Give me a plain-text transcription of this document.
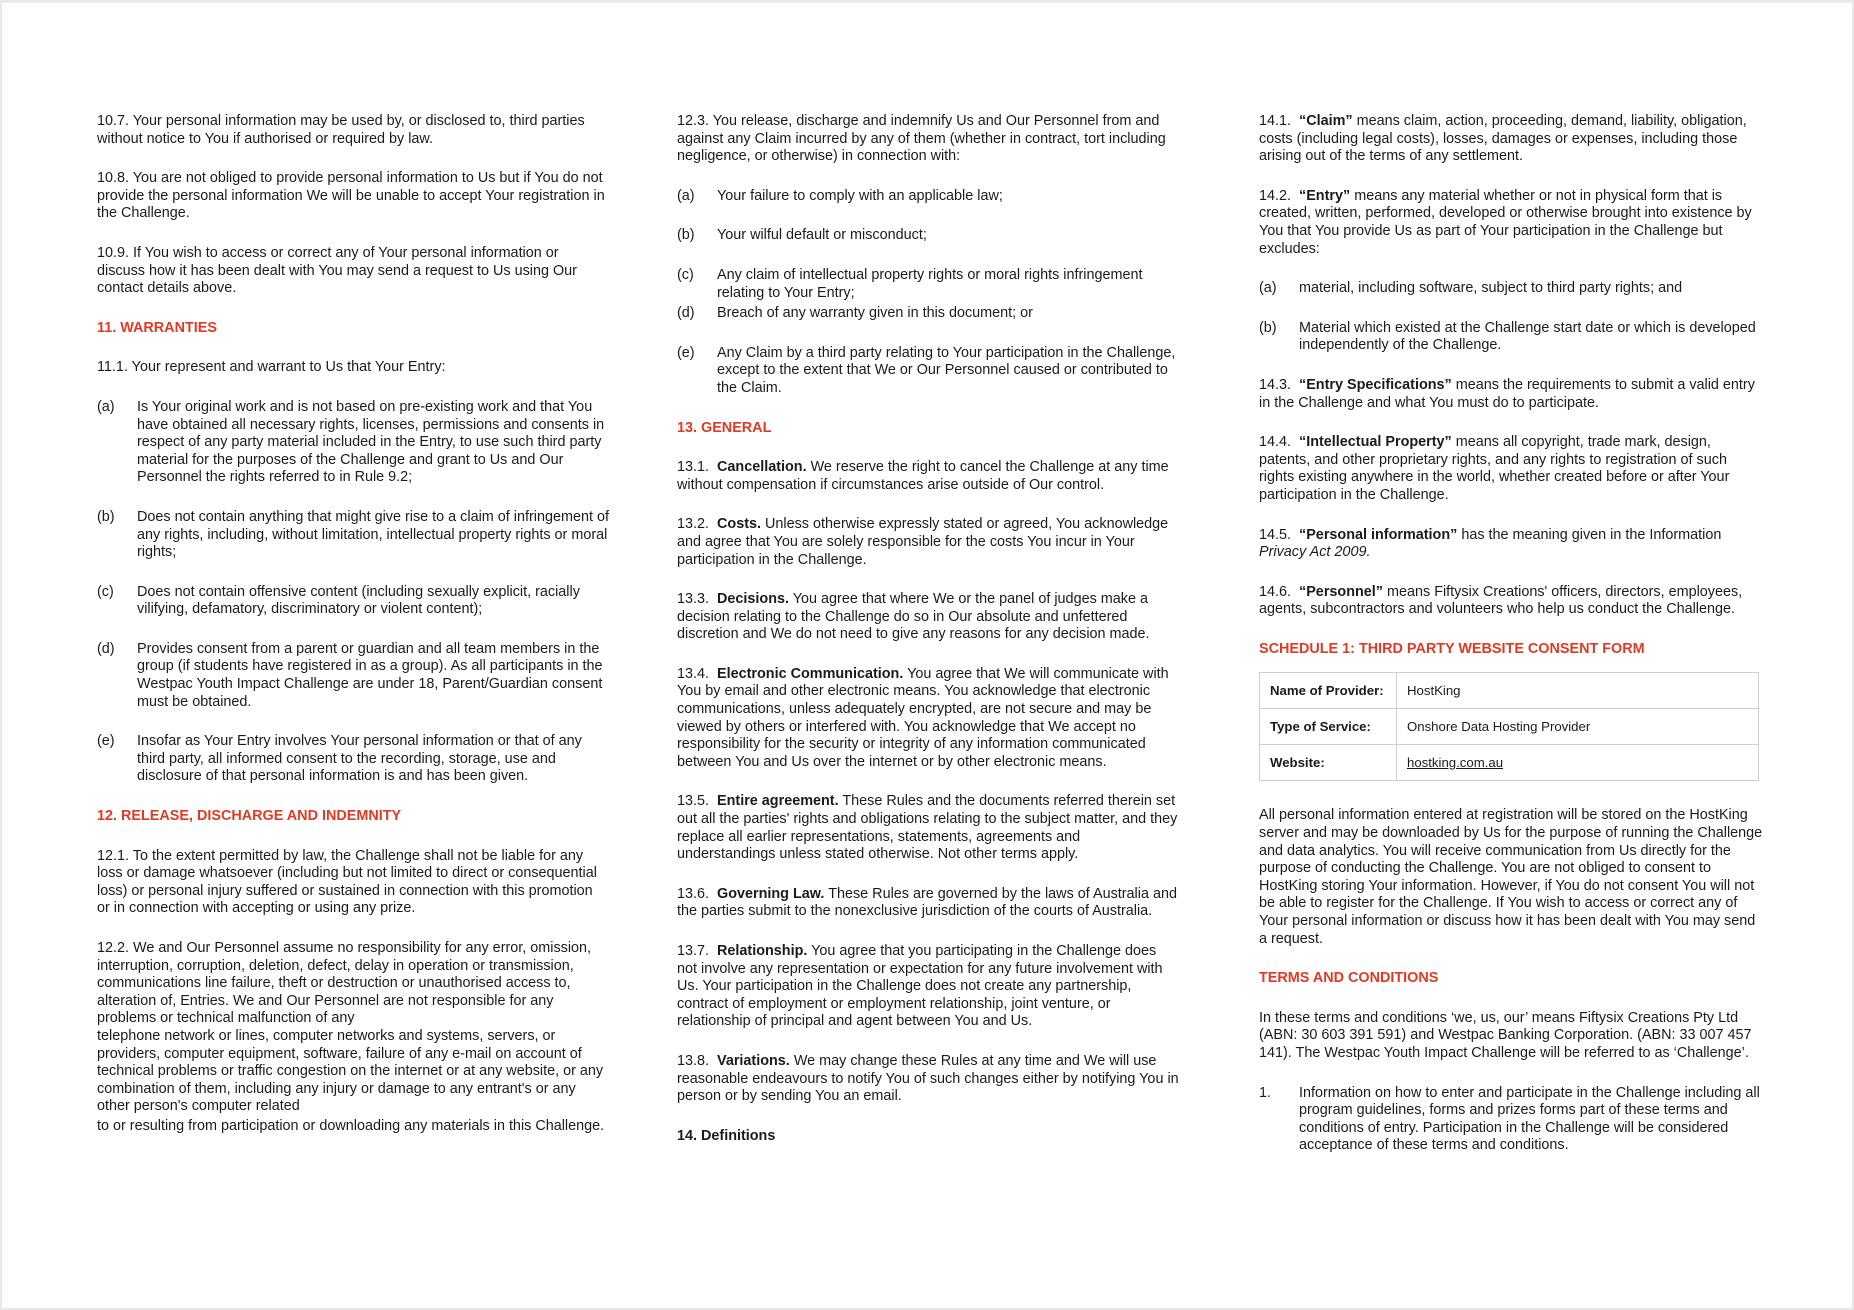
10.7. Your personal information may be used by, or disclosed to, third parties without notice to You if authorised or required by law.

10.8. You are not obliged to provide personal information to Us but if You do not provide the personal information We will be unable to accept Your registration in the Challenge.

10.9. If You wish to access or correct any of Your personal information or discuss how it has been dealt with You may send a request to Us using Our contact details above.

11. WARRANTIES

11.1. Your represent and warrant to Us that Your Entry:

(a)	Is Your original work and is not based on pre-existing work and that You have obtained all necessary rights, licenses, permissions and consents in respect of any party material included in the Entry, to use such third party material for the purposes of the Challenge and grant to Us and Our Personnel the rights referred to in Rule 9.2;
(b)	Does not contain anything that might give rise to a claim of infringement of any rights, including, without limitation, intellectual property rights or moral rights;
(c)	Does not contain offensive content (including sexually explicit, racially vilifying, defamatory, discriminatory or violent content);
(d)	Provides consent from a parent or guardian and all team members in the group (if students have registered in as a group). As all participants in the Westpac Youth Impact Challenge are under 18, Parent/Guardian consent must be obtained.
(e)	Insofar as Your Entry involves Your personal information or that of any third party, all informed consent to the recording, storage, use and disclosure of that personal information is and has been given.
12. RELEASE, DISCHARGE AND INDEMNITY

12.1. To the extent permitted by law, the Challenge shall not be liable for any loss or damage whatsoever (including but not limited to direct or consequential loss) or personal injury suffered or sustained in connection with this promotion or in connection with accepting or using any prize.

12.2. We and Our Personnel assume no responsibility for any error, omission, interruption, corruption, deletion, defect, delay in operation or transmission, communications line failure, theft or destruction or unauthorised access to, alteration of, Entries. We and Our Personnel are not responsible for any problems or technical malfunction of any

telephone network or lines, computer networks and systems, servers, or providers, computer equipment, software, failure of any e-mail on account of technical problems or traffic congestion on the internet or at any website, or any combination of them, including any injury or damage to any entrant's or any other person's computer related

to or resulting from participation or downloading any materials in this Challenge.

12.3. You release, discharge and indemnify Us and Our Personnel from and against any Claim incurred by any of them (whether in contract, tort including negligence, or otherwise) in connection with:

(a)	Your failure to comply with an applicable law;
(b)	Your wilful default or misconduct;
(c)	Any claim of intellectual property rights or moral rights infringement relating to Your Entry;
(d)	Breach of any warranty given in this document; or
(e)	Any Claim by a third party relating to Your participation in the Challenge, except to the extent that We or Our Personnel caused or contributed to the Claim.
13. GENERAL

13.1. Cancellation. We reserve the right to cancel the Challenge at any time without compensation if circumstances arise outside of Our control.

13.2. Costs. Unless otherwise expressly stated or agreed, You acknowledge and agree that You are solely responsible for the costs You incur in Your participation in the Challenge.

13.3. Decisions. You agree that where We or the panel of judges make a decision relating to the Challenge do so in Our absolute and unfettered discretion and We do not need to give any reasons for any decision made.

13.4. Electronic Communication. You agree that We will communicate with You by email and other electronic means. You acknowledge that electronic communications, unless adequately encrypted, are not secure and may be viewed by others or interfered with. You acknowledge that We accept no responsibility for the security or integrity of any information communicated between You and Us over the internet or by other electronic means.

13.5. Entire agreement. These Rules and the documents referred therein set out all the parties' rights and obligations relating to the subject matter, and they replace all earlier representations, statements, agreements and understandings unless stated otherwise. Not other terms apply.

13.6. Governing Law. These Rules are governed by the laws of Australia and the parties submit to the nonexclusive jurisdiction of the courts of Australia.

13.7. Relationship. You agree that you participating in the Challenge does not involve any representation or expectation for any future involvement with Us. Your participation in the Challenge does not create any partnership, contract of employment or employment relationship, joint venture, or relationship of principal and agent between You and Us.

13.8. Variations. We may change these Rules at any time and We will use reasonable endeavours to notify You of such changes either by notifying You in person or by sending You an email.

14. Definitions

14.1. “Claim” means claim, action, proceeding, demand, liability, obligation, costs (including legal costs), losses, damages or expenses, including those arising out of the terms of any settlement.

14.2. “Entry” means any material whether or not in physical form that is created, written, performed, developed or otherwise brought into existence by You that You provide Us as part of Your participation in the Challenge but excludes:

(a)	material, including software, subject to third party rights; and
(b)	Material which existed at the Challenge start date or which is developed independently of the Challenge.

14.3. “Entry Specifications” means the requirements to submit a valid entry in the Challenge and what You must do to participate.

14.4. “Intellectual Property” means all copyright, trade mark, design, patents, and other proprietary rights, and any rights to registration of such rights existing anywhere in the world, whether created before or after Your participation in the Challenge.

14.5. “Personal information” has the meaning given in the Information Privacy Act 2009.

14.6. “Personnel” means Fiftysix Creations' officers, directors, employees, agents, subcontractors and volunteers who help us conduct the Challenge.

SCHEDULE 1: THIRD PARTY WEBSITE CONSENT FORM
Name of Provider:	HostKing
Type of Service:	Onshore Data Hosting Provider
Website:	hostking.com.au

All personal information entered at registration will be stored on the HostKing server and may be downloaded by Us for the purpose of running the Challenge and data analytics. You will receive communication from Us directly for the purpose of conducting the Challenge. You are not obliged to consent to HostKing storing Your information. However, if You do not consent You will not be able to register for the Challenge. If You wish to access or correct any of Your personal information or discuss how it has been dealt with You may send a request.

TERMS AND CONDITIONS

In these terms and conditions ‘we, us, our’ means Fiftysix Creations Pty Ltd (ABN: 30 603 391 591) and Westpac Banking Corporation. (ABN: 33 007 457 141). The Westpac Youth Impact Challenge will be referred to as ‘Challenge’.

1.	Information on how to enter and participate in the Challenge including all program guidelines, forms and prizes forms part of these terms and conditions of entry. Participation in the Challenge will be considered acceptance of these terms and conditions.
